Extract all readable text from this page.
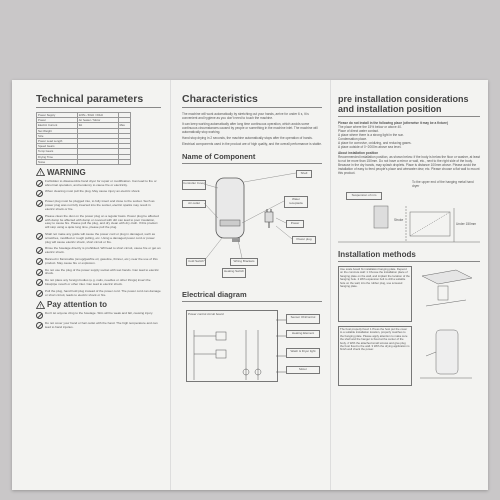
Technical parameters
Power Supply	220V~ 50Hz / 60Hz	
Power	Air heater / Motor	
Electric Current	9A	Max
Net Weight		
Size		
Power Lead Length		
Speed Gears		
Temp Gears		
Drying Time		
Noise		
! WARNING
Forbidden to disassemble hand dryer for repair or modification. Can lead to fire or abnormal operation, and tendency to cause fire or electricity.
When cleaning must pull the plug. May cause injury an electric shock.
Power plug must be plugged into, to fully insert and close to the socket. Such as power plug was not fully inserted into the socket, electric sparks may result in electric shock or fire.
Please clean the dust on the power plug on a regular basis. Power plug be affected with damp be affected with damp or covered with dirt can lead to poor insulation, easy to cause fire. Please pull the plug, and dry clean with dry cloth. If this product will stop using a quite long time, please pull the plug.
Shall not make any guide will cause the power cord or plug in damaged, such as scratches, modified or rough pulling, etc. Using a damaged power cord or power plug will cause electric shock, short circuit or fire.
Rinse the fuselage directly is prohibited. Will lead to short circuit, cause fire or get an electric shock.
Banned in flammable (smog/gas/fire oil, gasoline, thinner, etc.) near the use of this product. May cause fire or explosion.
Do not use the plug of the power supply socket with wet hands. Can lead to electric shock.
Do not place any foreign bodies (e.g. nails, needles or other things) insert the blowpipe mouth or other inlet. Can lead to electric shock.
Pull the plug, hand hold plug instead of the power cord. The power cord can damage or short circuit, leads to electric shock or fire.
! Pay attention to
Don't let anyone cling to the fuselage. Slim will be weak and fall, causing injury.
Do not cover your hand or hair outlet with the hand. The high temperature and can lead to hand injuries.
Characteristics
The machine will work automatically by stretching out your hands, arrive for under 6 s, it is convenient and hygiene as you don't need to touch the machine.
It can keep working automatically after long time continuous operation, which avoids some continuous circumstances caused by people or something in the machine inlet. The machine will automatically stop working.
Hand stop drying in 2 seconds, the machine automatically stops after the operation of hands.
Electrical components used in the product are of high quality, and the overall performance is stable.
Name of Component
Shell
Air outlet
Water receptacle
Power
Power plug
Cold Switch	Wiring Brackets
Heating Switch
Controller Cover
Electrical diagram
Power control circuit board
Sensor ON/control
Heating Element
Wash & Dryer light
Motor
pre installation considerations and installation position
Please do not install in the following place (otherwise it may be a fixture)
The place where the 15% below or above 40.
Place of direct water contact.
A place where there is a strong light in the sun.
Condensation place.
A place for corrosive, oxidizing, and reducing gases.
A place outside of 0~2000m above sea level.
About installation position
Recommended installation position, as shown below: if the body is below the floor or washer, at least to not be more than 150mm. Do not have a mirror or wall, etc., next to the right side of the body. Because in the dry hands, may splash droplets. Place is distance 100mm above. Please avoid the installation of easy to feed people's place and wirewater dew, etc. Please choose a flat wall to mount this product.
To the upper end of the hanging metal hand dryer
Suspension of mm
Stroke
Under 150mm
Installation methods
Use scale board fix installation hanging plate. Depend on the concrete wall: 1 Choose the installation place of hanging plate on the wall, and implant the location of the hanging hole. 2 With expansion bolt to drill a suitable hole on the wall, into the rubber plug, use screwed hanging plate.
The host properly fixed: 1 Press the host put the cover to a suitable installation location, properly matches to the hanging plate. Please apply attention to make sure the shell and the hanger is fixed at the center of the body. 2 With the attached small screws and give plug the host fixed to the wall. 3 With the drying application is finish well check the power.
